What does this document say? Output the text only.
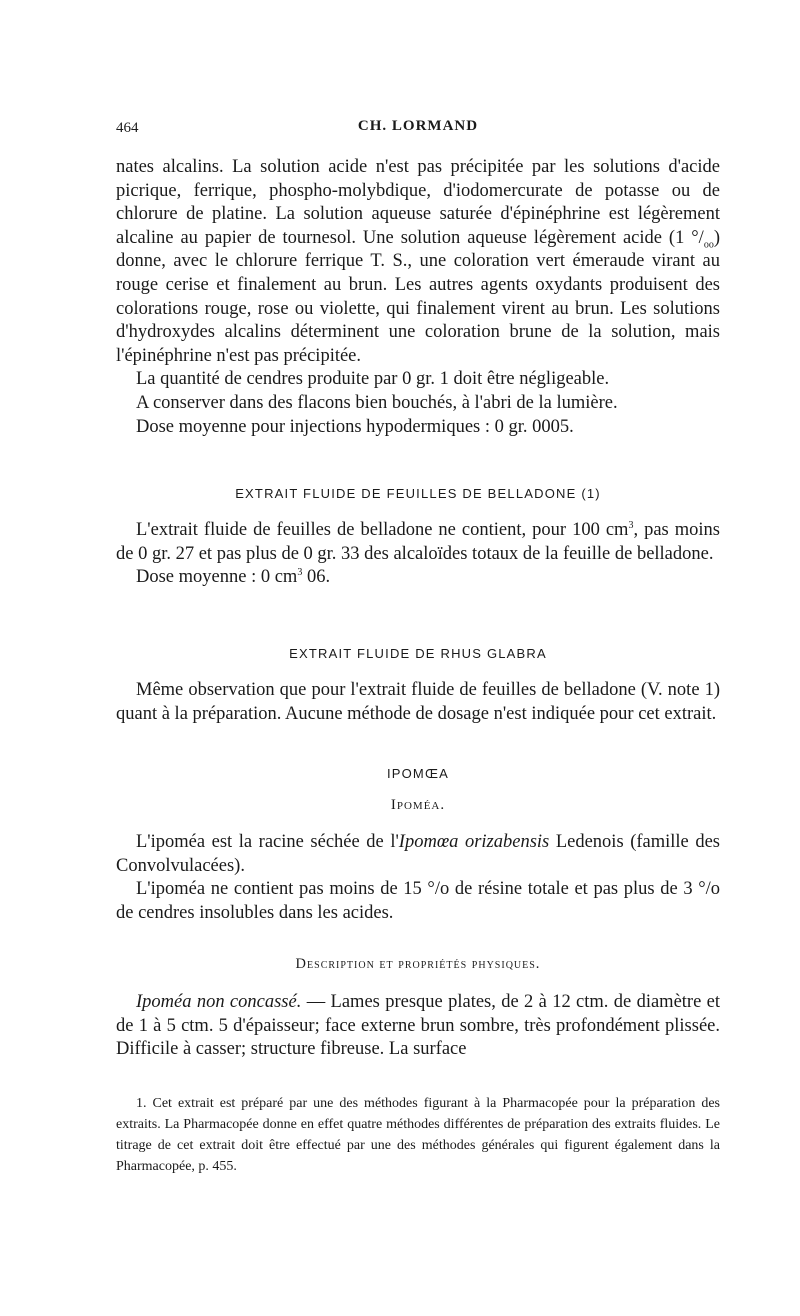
464	CH. LORMAND

nates alcalins. La solution acide n'est pas précipitée par les solutions d'acide picrique, ferrique, phospho-molybdique, d'iodomercurate de potasse ou de chlorure de platine. La solution aqueuse saturée d'épinéphrine est légèrement alcaline au papier de tournesol. Une solution aqueuse légèrement acide (1 $^\circ/_{oo}$) donne, avec le chlorure ferrique T. S., une coloration vert émeraude virant au rouge cerise et finalement au brun. Les autres agents oxydants produisent des colorations rouge, rose ou violette, qui finalement virent au brun. Les solutions d'hydroxydes alcalins déterminent une coloration brune de la solution, mais l'épinéphrine n'est pas précipitée.

La quantité de cendres produite par 0 gr. 1 doit être négligeable.

A conserver dans des flacons bien bouchés, à l'abri de la lumière.

Dose moyenne pour injections hypodermiques : 0 gr. 0005.

EXTRAIT FLUIDE DE FEUILLES DE BELLADONE (1)

L'extrait fluide de feuilles de belladone ne contient, pour 100 $cm^3$, pas moins de 0 gr. 27 et pas plus de 0 gr. 33 des alcaloïdes totaux de la feuille de belladone.

Dose moyenne : 0 $cm^3$ 06.

EXTRAIT FLUIDE DE RHUS GLABRA

Même observation que pour l'extrait fluide de feuilles de belladone (V. note 1) quant à la préparation. Aucune méthode de dosage n'est indiquée pour cet extrait.

IPOMŒA
Ipoméa.

L'ipoméa est la racine séchée de l'Ipomœa orizabensis Ledenois (famille des Convolvulacées).

L'ipoméa ne contient pas moins de 15 °/o de résine totale et pas plus de 3 °/o de cendres insolubles dans les acides.

Description et propriétés physiques.

Ipoméa non concassé. — Lames presque plates, de 2 à 12 ctm. de diamètre et de 1 à 5 ctm. 5 d'épaisseur; face externe brun sombre, très profondément plissée. Difficile à casser; structure fibreuse. La surface

1. Cet extrait est préparé par une des méthodes figurant à la Pharmacopée pour la préparation des extraits. La Pharmacopée donne en effet quatre méthodes différentes de préparation des extraits fluides. Le titrage de cet extrait doit être effectué par une des méthodes générales qui figurent également dans la Pharmacopée, p. 455.
